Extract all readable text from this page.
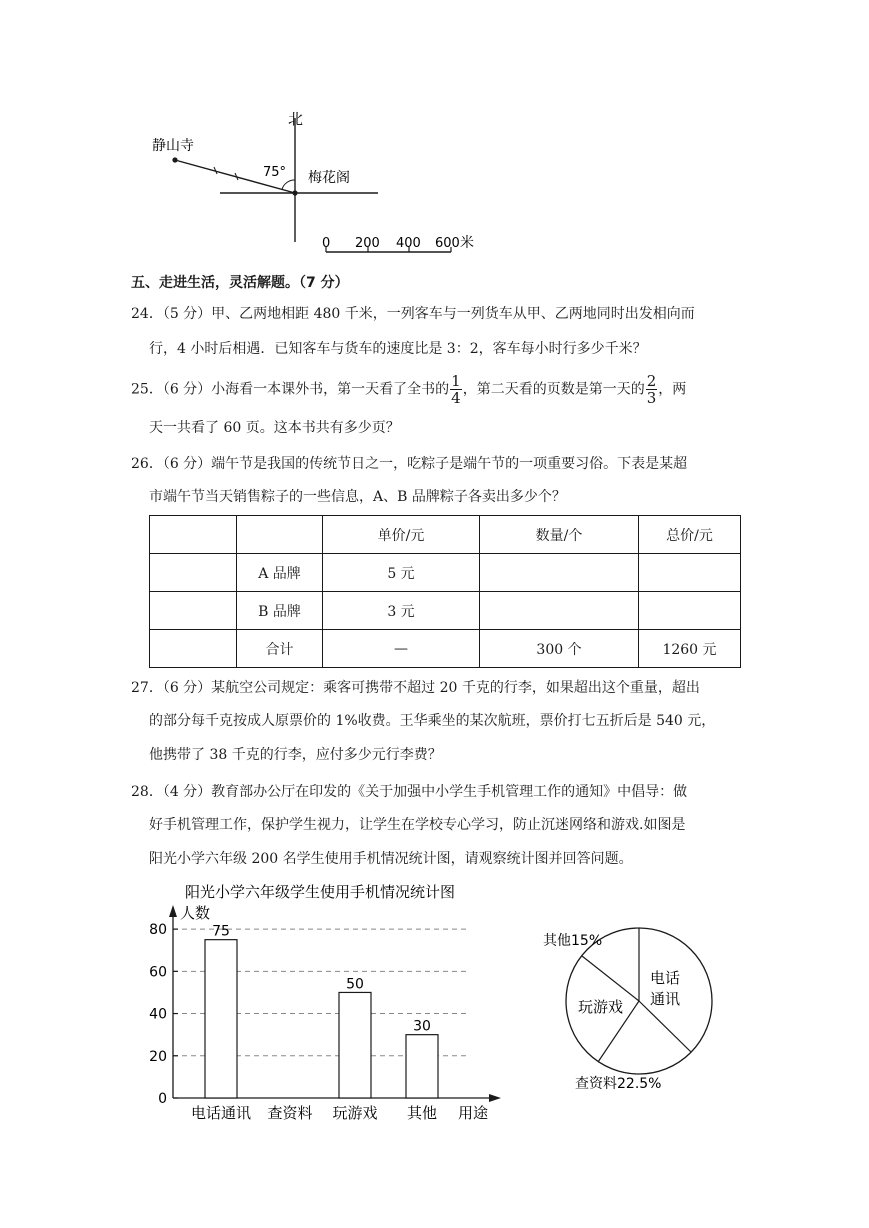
北
静山寺
75° 梅花阁
0 200 400 600 米
五、走进生活，灵活解题。（7 分）
24．（5 分）甲、乙两地相距 480 千米，一列客车与一列货车从甲、乙两地同时出发相向而
行，4 小时后相遇．已知客车与货车的速度比是 3：2，客车每小时行多少千米？
25．（6 分）小海看一本课外书，第一天看了全书的 $\frac{1}{4}$ ，第二天看的页数是第一天的 $\frac{2}{3}$ ，两
天一共看了 60 页。这本书共有多少页？
26．（6 分）端午节是我国的传统节日之一，吃粽子是端午节的一项重要习俗。下表是某超
市端午节当天销售粽子的一些信息，A、B 品牌粽子各卖出多少个？
		单价/元	数量/个	总价/元
	A 品牌	5 元		
	B 品牌	3 元		
	合计	—	300 个	1260 元
27．（6 分）某航空公司规定：乘客可携带不超过 20 千克的行李，如果超出这个重量，超出
的部分每千克按成人原票价的 1%收费。王华乘坐的某次航班，票价打七五折后是 540 元，
他携带了 38 千克的行李，应付多少元行李费？
28．（4 分）教育部办公厅在印发的《关于加强中小学生手机管理工作的通知》中倡导：做
好手机管理工作，保护学生视力，让学生在学校专心学习，防止沉迷网络和游戏.如图是
阳光小学六年级 200 名学生使用手机情况统计图，请观察统计图并回答问题。
阳光小学六年级学生使用手机情况统计图
人数
0
20
40
60
80	75
电话通讯 查资料
50
玩游戏
30
其他 用途
电话
通讯
玩游戏
其他15%
查资料22.5%
